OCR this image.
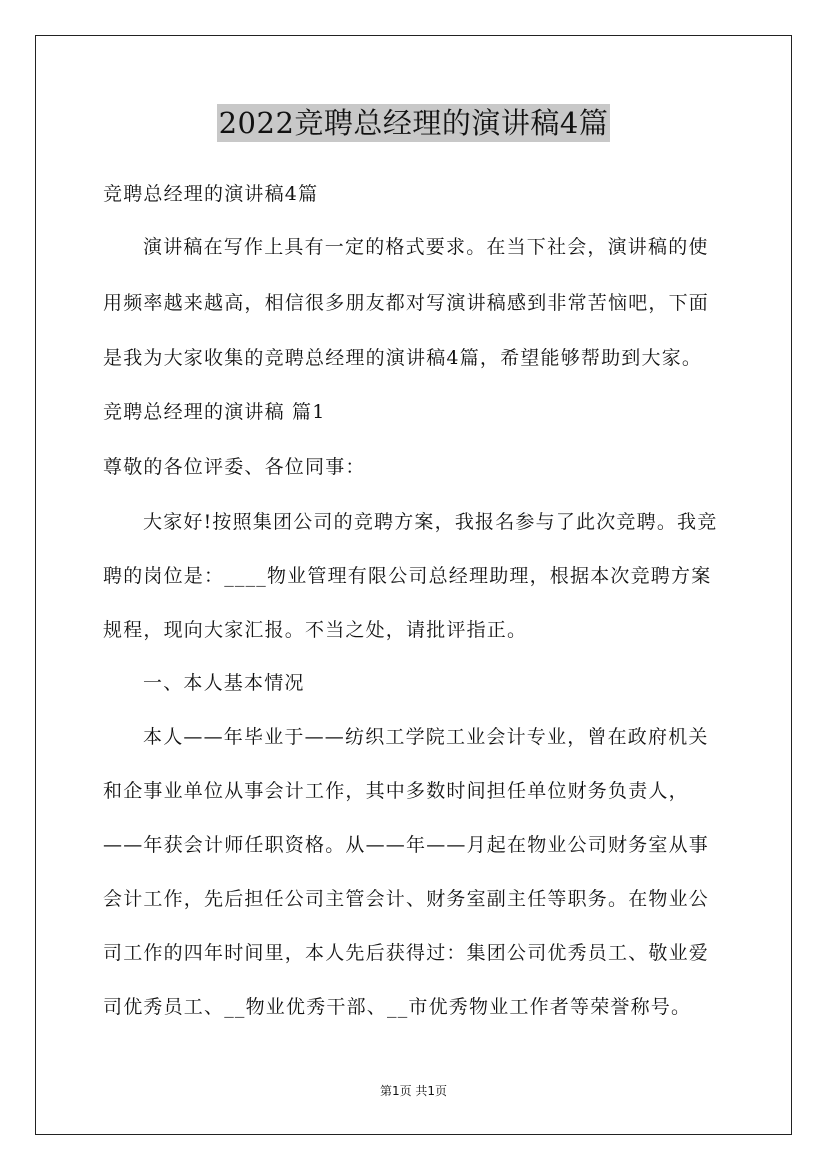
2022竞聘总经理的演讲稿4篇
竞聘总经理的演讲稿4篇
演讲稿在写作上具有一定的格式要求。在当下社会，演讲稿的使
用频率越来越高，相信很多朋友都对写演讲稿感到非常苦恼吧，下面
是我为大家收集的竞聘总经理的演讲稿4篇，希望能够帮助到大家。
竞聘总经理的演讲稿 篇1
尊敬的各位评委、各位同事：
大家好!按照集团公司的竞聘方案，我报名参与了此次竞聘。我竞
聘的岗位是：____物业管理有限公司总经理助理，根据本次竞聘方案
规程，现向大家汇报。不当之处，请批评指正。
一、本人基本情况
本人——年毕业于——纺织工学院工业会计专业，曾在政府机关
和企事业单位从事会计工作，其中多数时间担任单位财务负责人，
——年获会计师任职资格。从——年——月起在物业公司财务室从事
会计工作，先后担任公司主管会计、财务室副主任等职务。在物业公
司工作的四年时间里，本人先后获得过：集团公司优秀员工、敬业爱
司优秀员工、__物业优秀干部、__市优秀物业工作者等荣誉称号。
第1页 共1页
